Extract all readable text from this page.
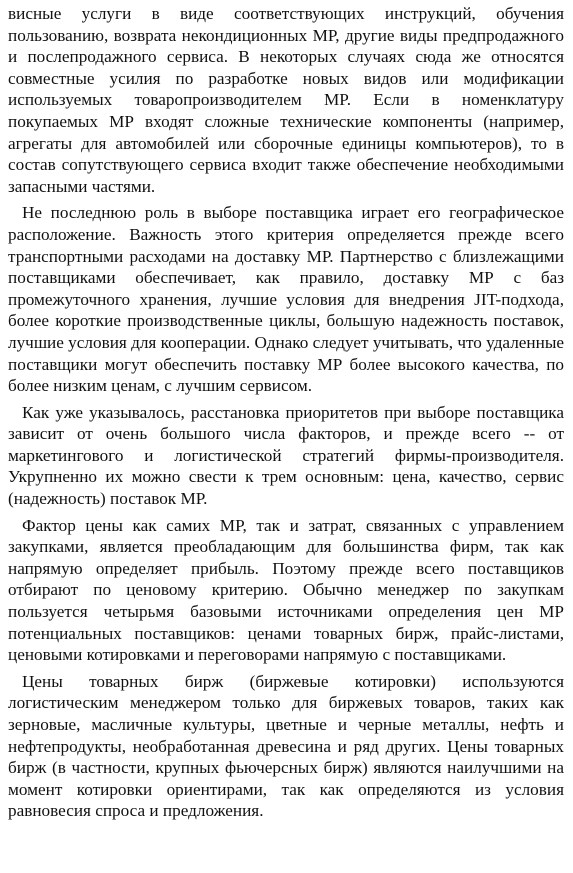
висные услуги в виде соответствующих инструкций, обучения пользованию, возврата некондиционных МР, другие виды предпродажного и послепродажного сервиса. В некоторых случаях сюда же относятся совместные усилия по разработке новых видов или модификации используемых товаропроизводителем МР. Если в номенклатуру покупаемых МР входят сложные технические компоненты (например, агрегаты для автомобилей или сборочные единицы компьютеров), то в состав сопутствующего сервиса входит также обеспечение необходимыми запасными частями.

Не последнюю роль в выборе поставщика играет его географическое расположение. Важность этого критерия определяется прежде всего транспортными расходами на доставку МР. Партнерство с близлежащими поставщиками обеспечивает, как правило, доставку МР с баз промежуточного хранения, лучшие условия для внедрения JIT-подхода, более короткие производственные циклы, большую надежность поставок, лучшие условия для кооперации. Однако следует учитывать, что удаленные поставщики могут обеспечить поставку МР более высокого качества, по более низким ценам, с лучшим сервисом.

Как уже указывалось, расстановка приоритетов при выборе поставщика зависит от очень большого числа факторов, и прежде всего -- от маркетингового и логистической стратегий фирмы-производителя. Укрупненно их можно свести к трем основным: цена, качество, сервис (надежность) поставок МР.

Фактор цены как самих МР, так и затрат, связанных с управлением закупками, является преобладающим для большинства фирм, так как напрямую определяет прибыль. Поэтому прежде всего поставщиков отбирают по ценовому критерию. Обычно менеджер по закупкам пользуется четырьмя базовыми источниками определения цен МР потенциальных поставщиков: ценами товарных бирж, прайс-листами, ценовыми котировками и переговорами напрямую с поставщиками.

Цены товарных бирж (биржевые котировки) используются логистическим менеджером только для биржевых товаров, таких как зерновые, масличные культуры, цветные и черные металлы, нефть и нефтепродукты, необработанная древесина и ряд других. Цены товарных бирж (в частности, крупных фьючерсных бирж) являются наилучшими на момент котировки ориентирами, так как определяются из условия равновесия спроса и предложения.
